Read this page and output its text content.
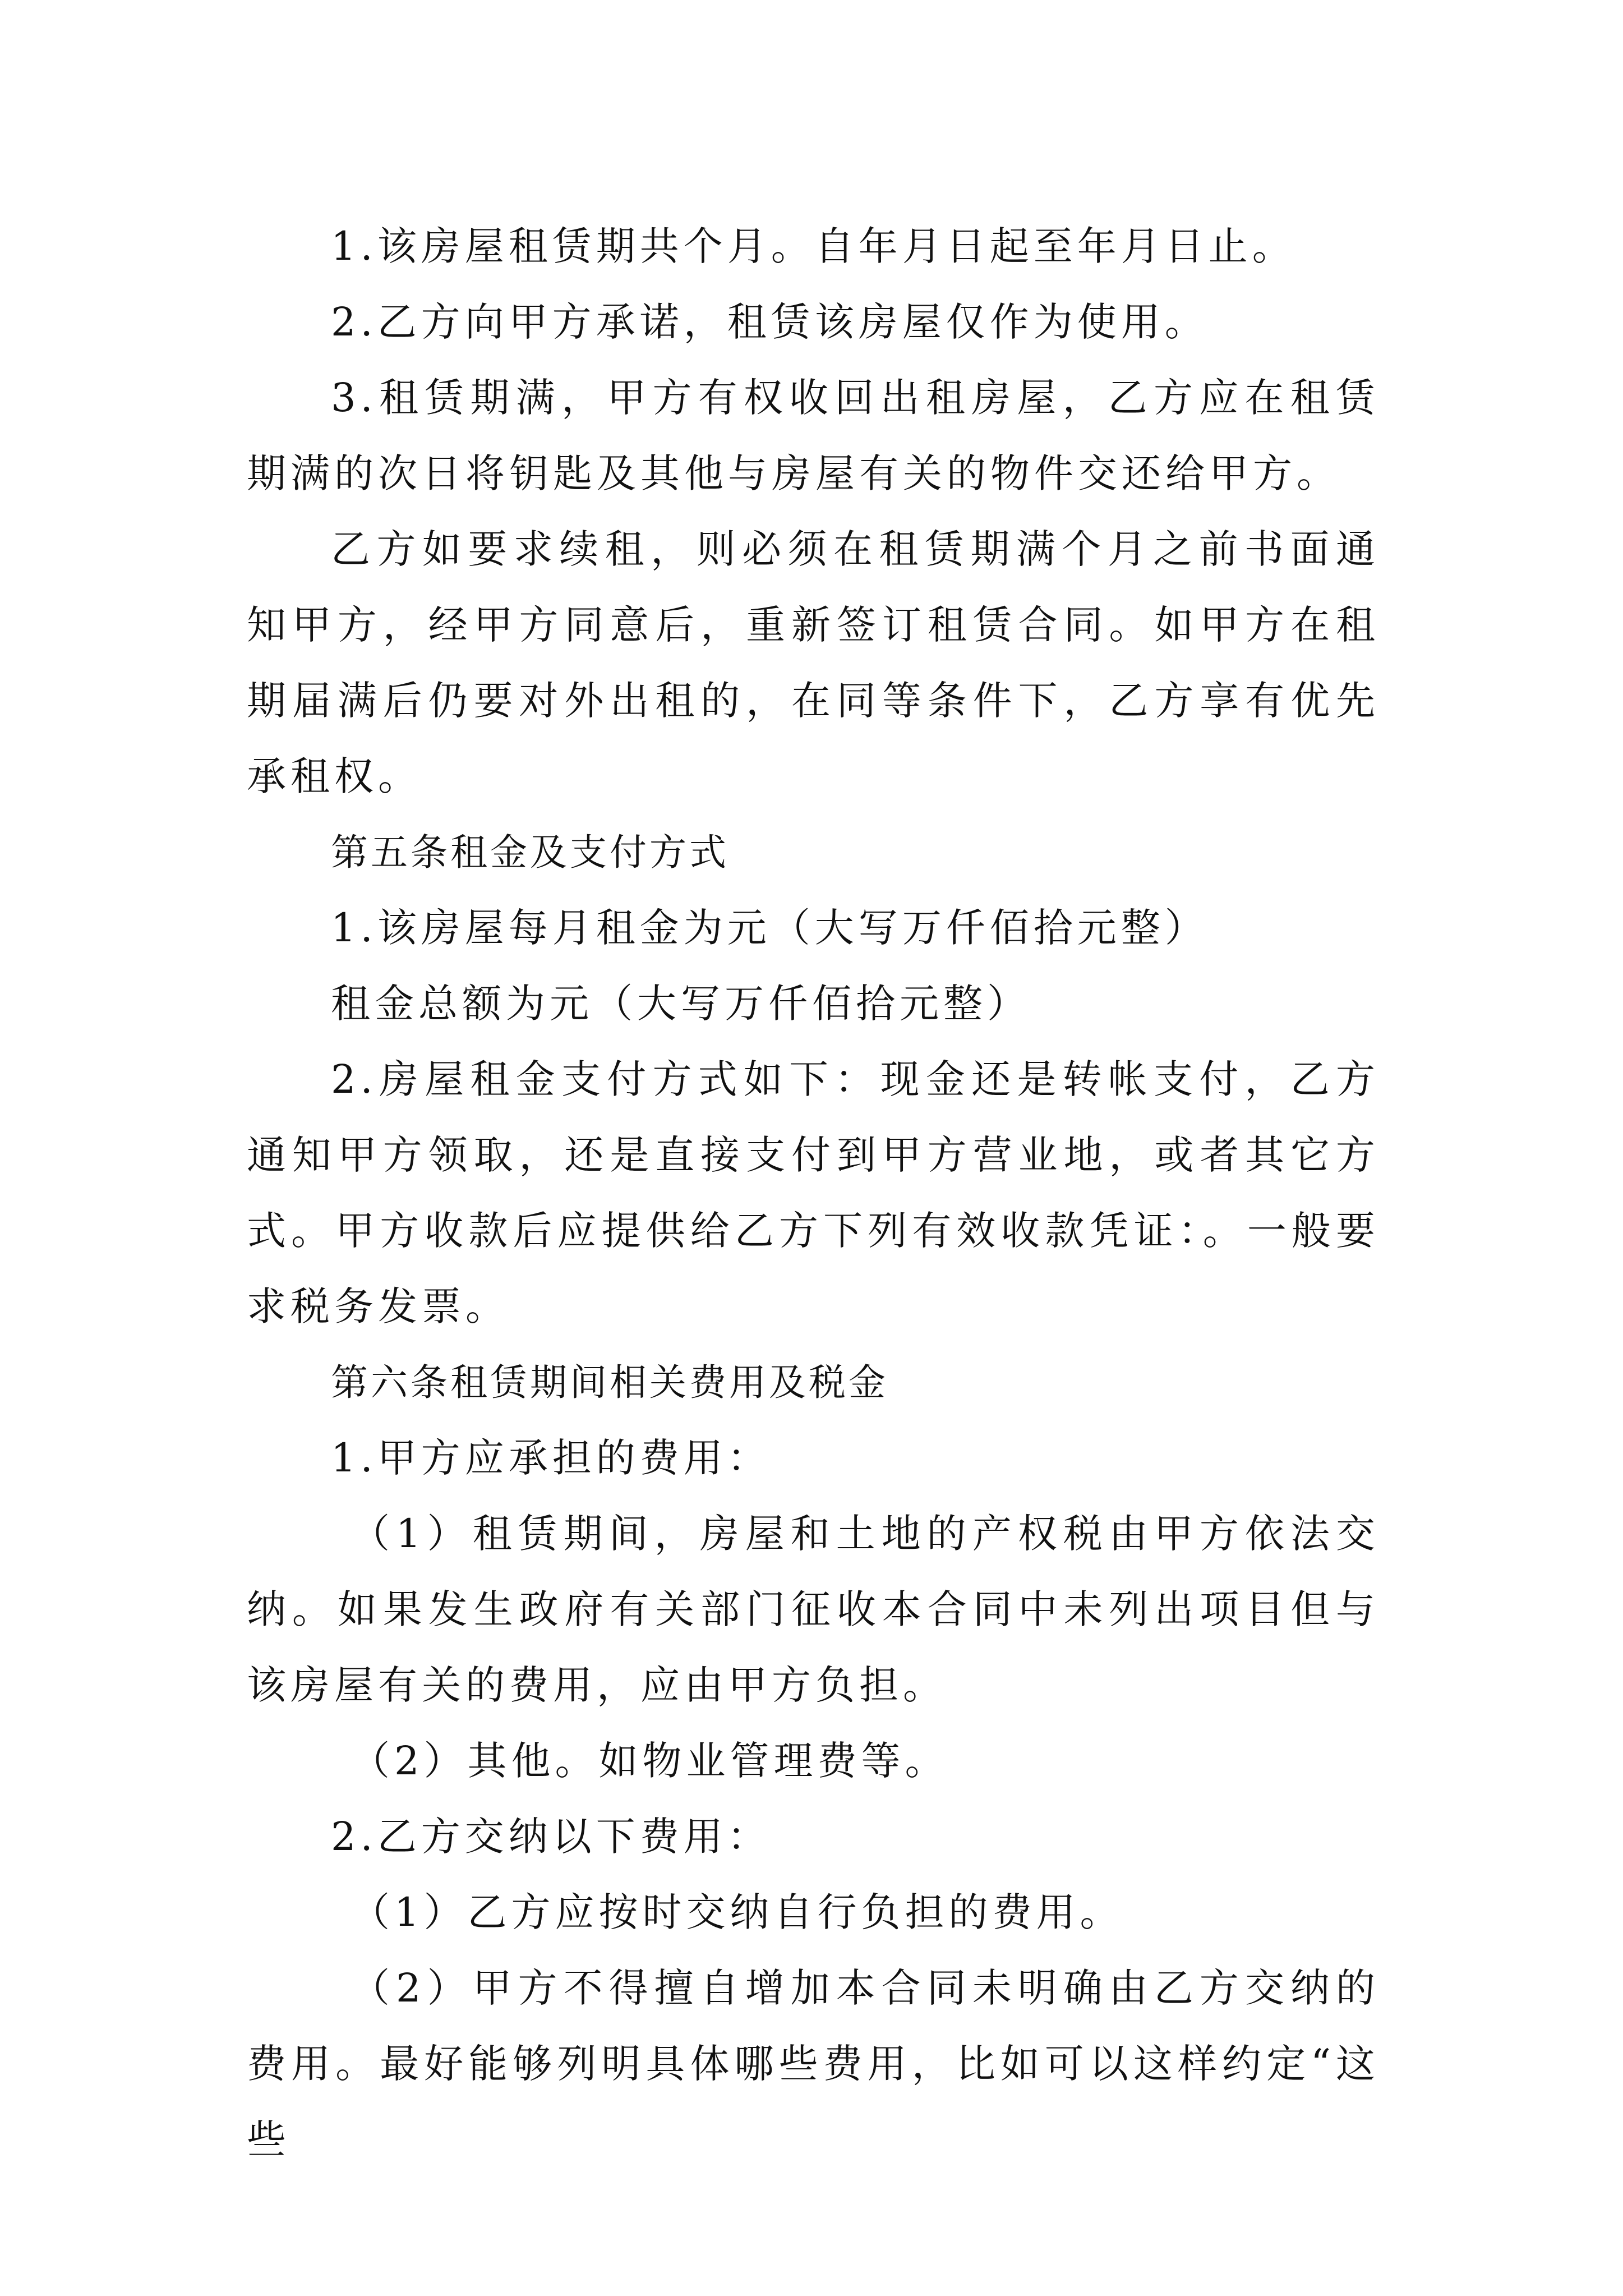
1.该房屋租赁期共个月。自年月日起至年月日止。

2.乙方向甲方承诺，租赁该房屋仅作为使用。

3.租赁期满，甲方有权收回出租房屋，乙方应在租赁期满的次日将钥匙及其他与房屋有关的物件交还给甲方。

乙方如要求续租，则必须在租赁期满个月之前书面通知甲方，经甲方同意后，重新签订租赁合同。如甲方在租期届满后仍要对外出租的，在同等条件下，乙方享有优先承租权。

第五条租金及支付方式

1.该房屋每月租金为元（大写万仟佰拾元整）

租金总额为元（大写万仟佰拾元整）

2.房屋租金支付方式如下：现金还是转帐支付，乙方通知甲方领取，还是直接支付到甲方营业地，或者其它方式。甲方收款后应提供给乙方下列有效收款凭证：。一般要求税务发票。

第六条租赁期间相关费用及税金

1.甲方应承担的费用：

（1）租赁期间，房屋和土地的产权税由甲方依法交纳。如果发生政府有关部门征收本合同中未列出项目但与该房屋有关的费用，应由甲方负担。

（2）其他。如物业管理费等。

2.乙方交纳以下费用：

（1）乙方应按时交纳自行负担的费用。

（2）甲方不得擅自增加本合同未明确由乙方交纳的费用。最好能够列明具体哪些费用，比如可以这样约定“这些
